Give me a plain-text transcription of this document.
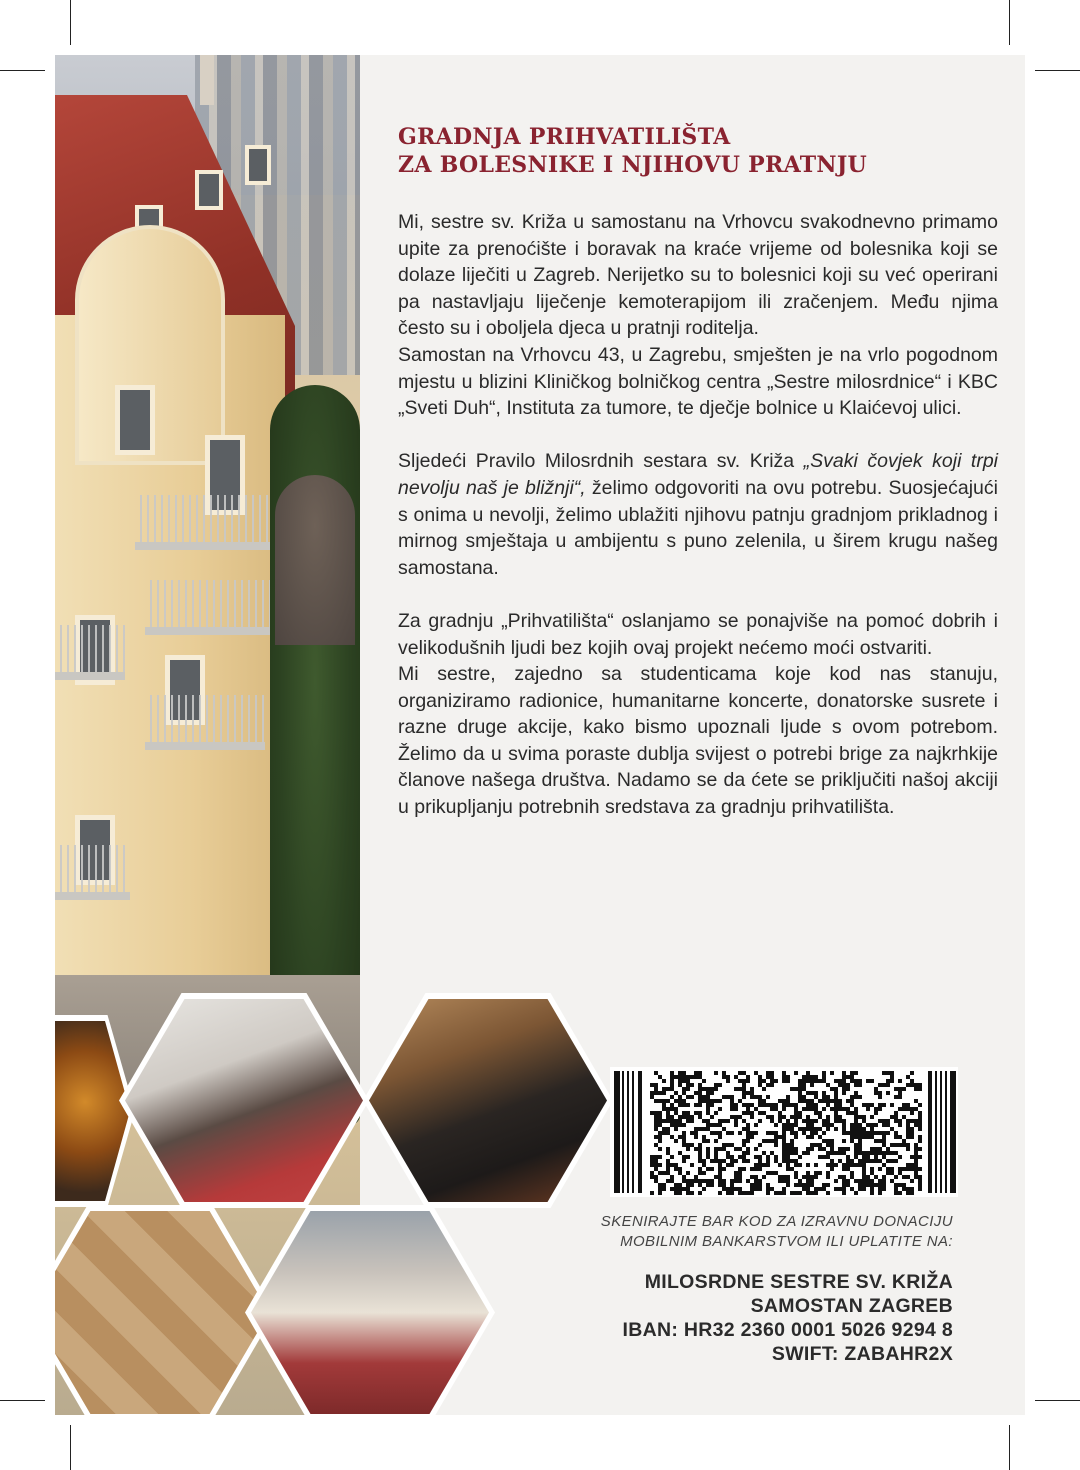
GRADNJA PRIHVATILIŠTA
ZA BOLESNIKE I NJIHOVU PRATNJU

Mi, sestre sv. Križa u samostanu na Vrhovcu svakodnevno primamo upite za prenoćište i boravak na kraće vrijeme od bolesnika koji se dolaze liječiti u Zagreb. Nerijetko su to bolesnici koji su već operirani pa nastavljaju liječenje kemoterapijom ili zračenjem. Među njima često su i oboljela djeca u pratnji roditelja.

Samostan na Vrhovcu 43, u Zagrebu, smješten je na vrlo pogodnom mjestu u blizini Kliničkog bolničkog centra „Sestre milosrdnice“ i KBC „Sveti Duh“, Instituta za tumore, te dječje bolnice u Klaićevoj ulici.

Sljedeći Pravilo Milosrdnih sestara sv. Križa „Svaki čovjek koji trpi nevolju naš je bližnji“, želimo odgovoriti na ovu potrebu. Suosjećajući s onima u nevolji, želimo ublažiti njihovu patnju gradnjom prikladnog i mirnog smještaja u ambijentu s puno zelenila, u širem krugu našeg samostana.

Za gradnju „Prihvatilišta“ oslanjamo se ponajviše na pomoć dobrih i velikodušnih ljudi bez kojih ovaj projekt nećemo moći ostvariti.

Mi sestre, zajedno sa studenticama koje kod nas stanuju, organiziramo radionice, humanitarne koncerte, donatorske susrete i razne druge akcije, kako bismo upoznali ljude s ovom potrebom. Želimo da u svima poraste dublja svijest o potrebi brige za najkrhkije članove našega društva. Nadamo se da ćete se priključiti našoj akciji u prikupljanju potrebnih sredstava za gradnju prihvatilišta.

SKENIRAJTE BAR KOD ZA IZRAVNU DONACIJU
MOBILNIM BANKARSTVOM ILI UPLATITE NA:
MILOSRDNE SESTRE SV. KRIŽA
SAMOSTAN ZAGREB
IBAN: HR32 2360 0001 5026 9294 8
SWIFT: ZABAHR2X
